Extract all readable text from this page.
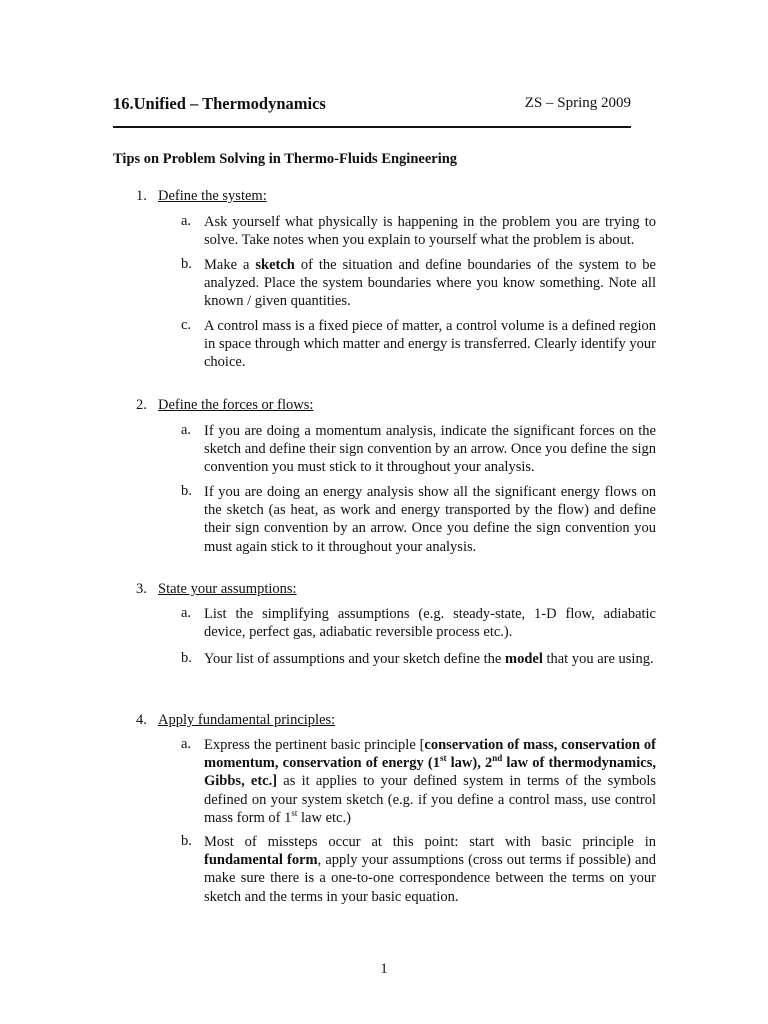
16.Unified – Thermodynamics	ZS – Spring 2009
Tips on Problem Solving in Thermo-Fluids Engineering
1. Define the system:
a. Ask yourself what physically is happening in the problem you are trying to solve. Take notes when you explain to yourself what the problem is about.
b. Make a sketch of the situation and define boundaries of the system to be analyzed. Place the system boundaries where you know something. Note all known / given quantities.
c. A control mass is a fixed piece of matter, a control volume is a defined region in space through which matter and energy is transferred. Clearly identify your choice.
2. Define the forces or flows:
a. If you are doing a momentum analysis, indicate the significant forces on the sketch and define their sign convention by an arrow. Once you define the sign convention you must stick to it throughout your analysis.
b. If you are doing an energy analysis show all the significant energy flows on the sketch (as heat, as work and energy transported by the flow) and define their sign convention by an arrow. Once you define the sign convention you must again stick to it throughout your analysis.
3. State your assumptions:
a. List the simplifying assumptions (e.g. steady-state, 1-D flow, adiabatic device, perfect gas, adiabatic reversible process etc.).
b. Your list of assumptions and your sketch define the model that you are using.
4. Apply fundamental principles:
a. Express the pertinent basic principle [conservation of mass, conservation of momentum, conservation of energy (1st law), 2nd law of thermodynamics, Gibbs, etc.] as it applies to your defined system in terms of the symbols defined on your system sketch (e.g. if you define a control mass, use control mass form of 1st law etc.)
b. Most of missteps occur at this point: start with basic principle in fundamental form, apply your assumptions (cross out terms if possible) and make sure there is a one-to-one correspondence between the terms on your sketch and the terms in your basic equation.
1
